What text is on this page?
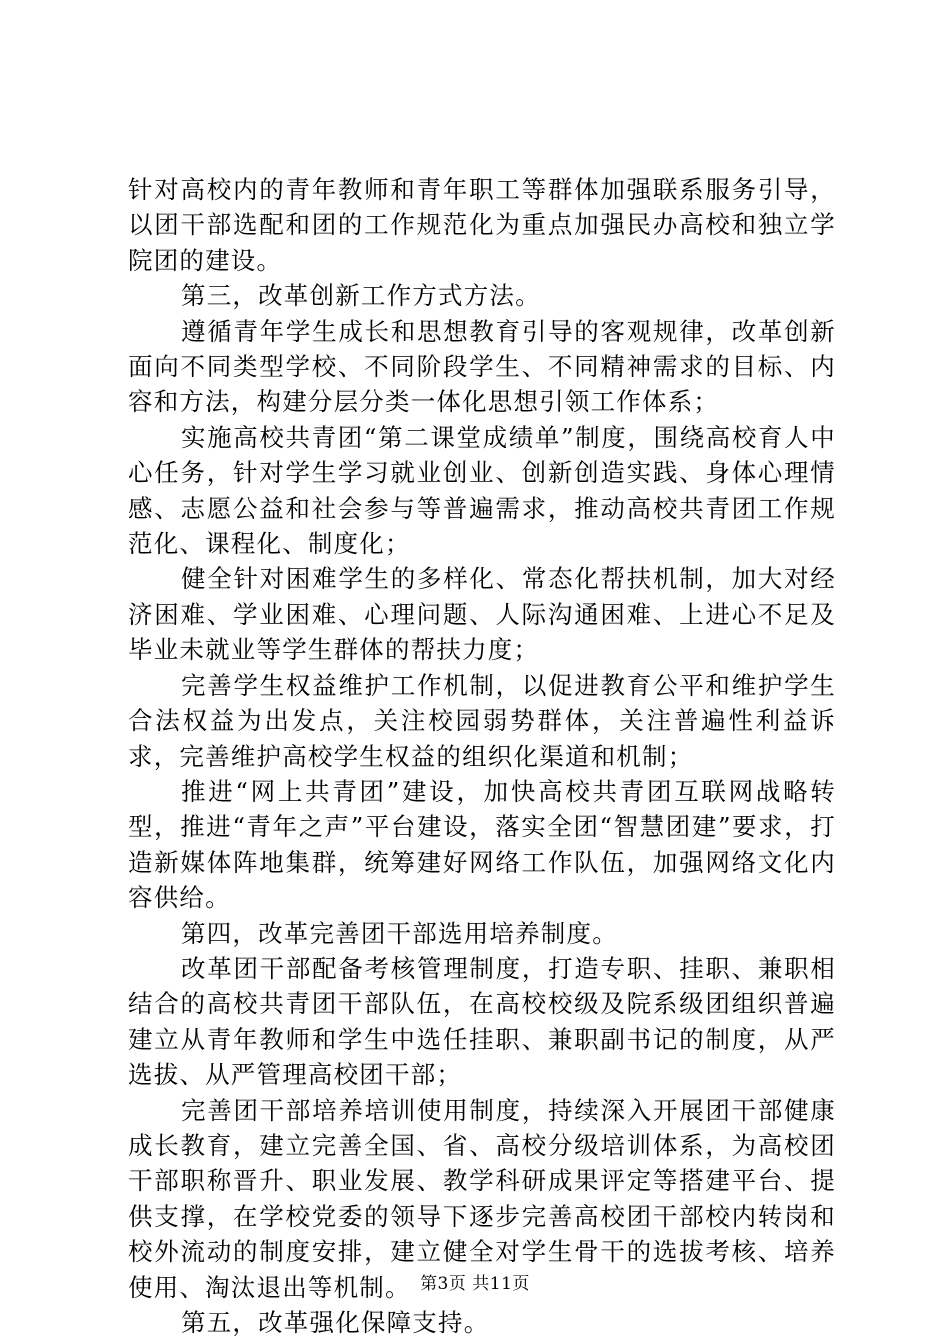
针对高校内的青年教师和青年职工等群体加强联系服务引导，以团干部选配和团的工作规范化为重点加强民办高校和独立学院团的建设。

第三，改革创新工作方式方法。

遵循青年学生成长和思想教育引导的客观规律，改革创新面向不同类型学校、不同阶段学生、不同精神需求的目标、内容和方法，构建分层分类一体化思想引领工作体系；

实施高校共青团“第二课堂成绩单”制度，围绕高校育人中心任务，针对学生学习就业创业、创新创造实践、身体心理情感、志愿公益和社会参与等普遍需求，推动高校共青团工作规范化、课程化、制度化；

健全针对困难学生的多样化、常态化帮扶机制，加大对经济困难、学业困难、心理问题、人际沟通困难、上进心不足及毕业未就业等学生群体的帮扶力度；

完善学生权益维护工作机制，以促进教育公平和维护学生合法权益为出发点，关注校园弱势群体，关注普遍性利益诉求，完善维护高校学生权益的组织化渠道和机制；

推进“网上共青团”建设，加快高校共青团互联网战略转型，推进“青年之声”平台建设，落实全团“智慧团建”要求，打造新媒体阵地集群，统筹建好网络工作队伍，加强网络文化内容供给。

第四，改革完善团干部选用培养制度。

改革团干部配备考核管理制度，打造专职、挂职、兼职相结合的高校共青团干部队伍，在高校校级及院系级团组织普遍建立从青年教师和学生中选任挂职、兼职副书记的制度，从严选拔、从严管理高校团干部；

完善团干部培养培训使用制度，持续深入开展团干部健康成长教育，建立完善全国、省、高校分级培训体系，为高校团干部职称晋升、职业发展、教学科研成果评定等搭建平台、提供支撑，在学校党委的领导下逐步完善高校团干部校内转岗和校外流动的制度安排，建立健全对学生骨干的选拔考核、培养使用、淘汰退出等机制。

第五，改革强化保障支持。

第3页 共11页
